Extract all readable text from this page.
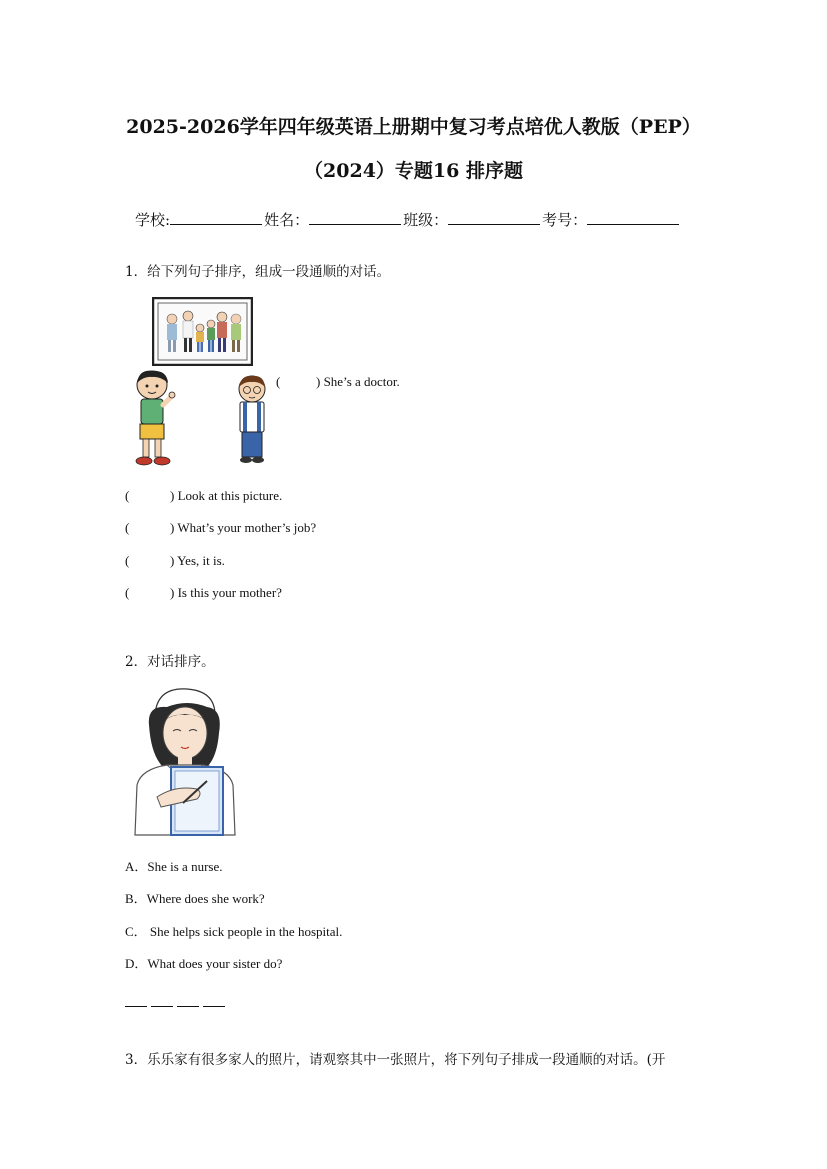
2025-2026学年四年级英语上册期中复习考点培优人教版（PEP）
（2024）专题16 排序题
学校:	姓名：	班级：	考号：
1．给下列句子排序，组成一段通顺的对话。
(	) She’s a doctor.
(	) Look at this picture.
(	) What’s your mother’s job?
(	) Yes, it is.
(	) Is this your mother?
2．对话排序。
A．She is a nurse.
B．Where does she work?
C． She helps sick people in the hospital.
D．What does your sister do?
3．乐乐家有很多家人的照片，请观察其中一张照片，将下列句子排成一段通顺的对话。(开
